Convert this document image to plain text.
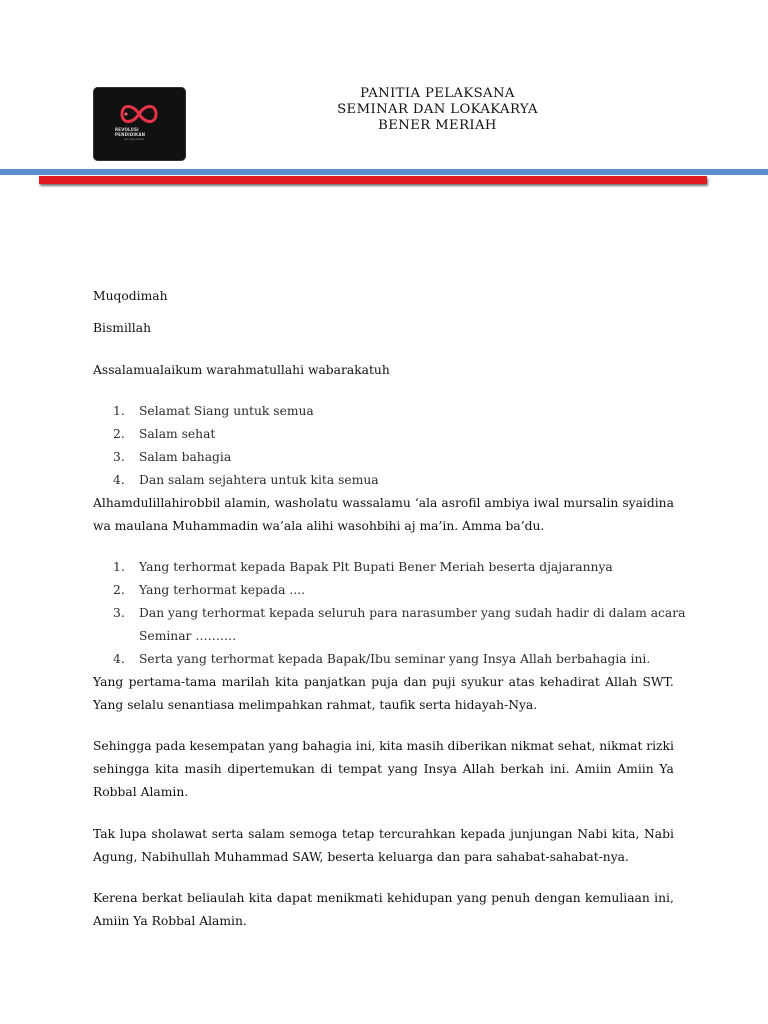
REVOLUSI
PENDIDIKAN
ayo maju ke bar
PANITIA PELAKSANA
SEMINAR DAN LOKAKARYA
BENER MERIAH
Muqodimah
Bismillah
Assalamualaikum warahmatullahi wabarakatuh
1. Selamat Siang untuk semua
2. Salam sehat
3. Salam bahagia
4. Dan salam sejahtera untuk kita semua
Alhamdulillahirobbil alamin, washolatu wassalamu ‘ala asrofil ambiya iwal mursalin syaidina
wa maulana Muhammadin wa’ala alihi wasohbihi aj ma’in. Amma ba’du.
1. Yang terhormat kepada Bapak Plt Bupati Bener Meriah beserta djajarannya
2. Yang terhormat kepada ....
3. Dan yang terhormat kepada seluruh para narasumber yang sudah hadir di dalam acara
Seminar ……….
4. Serta yang terhormat kepada Bapak/Ibu seminar yang Insya Allah berbahagia ini.
Yang pertama-tama marilah kita panjatkan puja dan puji syukur atas kehadirat Allah SWT.
Yang selalu senantiasa melimpahkan rahmat, taufik serta hidayah-Nya.
Sehingga pada kesempatan yang bahagia ini, kita masih diberikan nikmat sehat, nikmat rizki
sehingga kita masih dipertemukan di tempat yang Insya Allah berkah ini. Amiin Amiin Ya
Robbal Alamin.
Tak lupa sholawat serta salam semoga tetap tercurahkan kepada junjungan Nabi kita, Nabi
Agung, Nabihullah Muhammad SAW, beserta keluarga dan para sahabat-sahabat-nya.
Kerena berkat beliaulah kita dapat menikmati kehidupan yang penuh dengan kemuliaan ini,
Amiin Ya Robbal Alamin.
